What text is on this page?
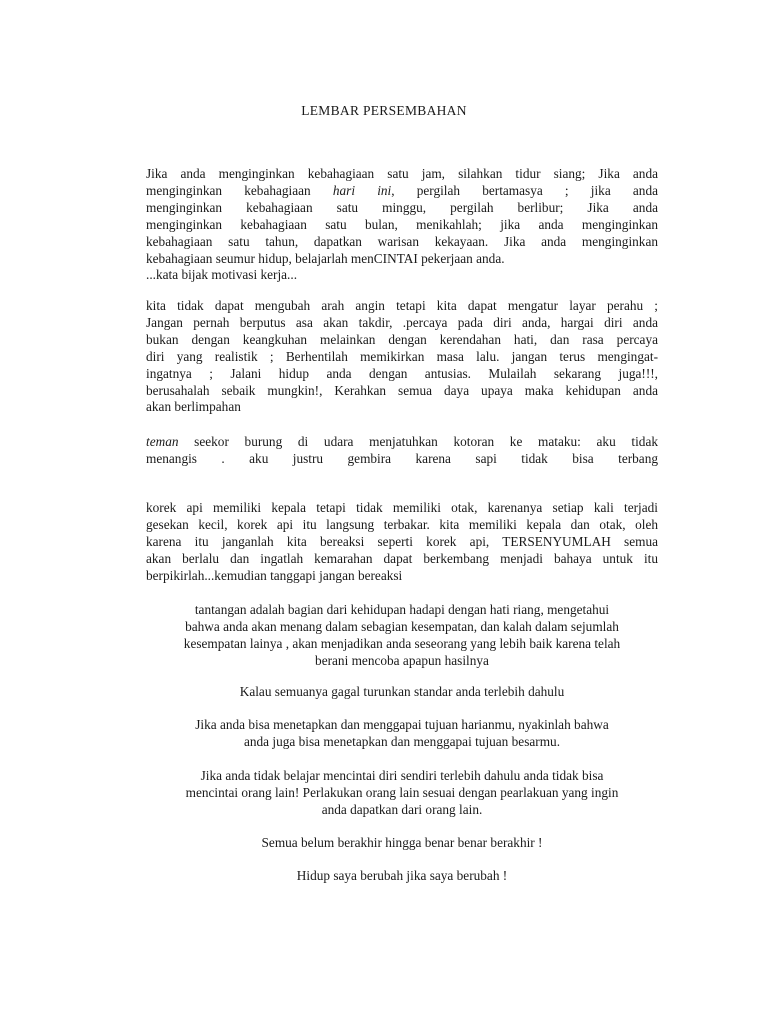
LEMBAR PERSEMBAHAN
Jika anda menginginkan kebahagiaan satu jam, silahkan tidur siang; Jika anda
menginginkan kebahagiaan hari ini, pergilah bertamasya ; jika anda
menginginkan kebahagiaan satu minggu, pergilah berlibur; Jika anda
menginginkan kebahagiaan satu bulan, menikahlah; jika anda menginginkan
kebahagiaan satu tahun, dapatkan warisan kekayaan. Jika anda menginginkan
kebahagiaan seumur hidup, belajarlah menCINTAI pekerjaan anda.
...kata bijak motivasi kerja...
kita tidak dapat mengubah arah angin tetapi kita dapat mengatur layar perahu ;
Jangan pernah berputus asa akan takdir, .percaya pada diri anda, hargai diri anda
bukan dengan keangkuhan melainkan dengan kerendahan hati, dan rasa percaya
diri yang realistik ; Berhentilah memikirkan masa lalu. jangan terus mengingat-
ingatnya ; Jalani hidup anda dengan antusias. Mulailah sekarang juga!!!,
berusahalah sebaik mungkin!, Kerahkan semua daya upaya maka kehidupan anda
akan berlimpahan
teman seekor burung di udara menjatuhkan kotoran ke mataku: aku tidak
menangis . aku justru gembira karena sapi tidak bisa terbang
korek api memiliki kepala tetapi tidak memiliki otak, karenanya setiap kali terjadi
gesekan kecil, korek api itu langsung terbakar. kita memiliki kepala dan otak, oleh
karena itu janganlah kita bereaksi seperti korek api, TERSENYUMLAH semua
akan berlalu dan ingatlah kemarahan dapat berkembang menjadi bahaya untuk itu
berpikirlah...kemudian tanggapi jangan bereaksi
tantangan adalah bagian dari kehidupan hadapi dengan hati riang, mengetahui
bahwa anda akan menang dalam sebagian kesempatan, dan kalah dalam sejumlah
kesempatan lainya , akan menjadikan anda seseorang yang lebih baik karena telah
berani mencoba apapun hasilnya
Kalau semuanya gagal turunkan standar anda terlebih dahulu
Jika anda bisa menetapkan dan menggapai tujuan harianmu, nyakinlah bahwa
anda juga bisa menetapkan dan menggapai tujuan besarmu.
Jika anda tidak belajar mencintai diri sendiri terlebih dahulu anda tidak bisa
mencintai orang lain! Perlakukan orang lain sesuai dengan pearlakuan yang ingin
anda dapatkan dari orang lain.
Semua belum berakhir hingga benar benar berakhir !
Hidup saya berubah jika saya berubah !
